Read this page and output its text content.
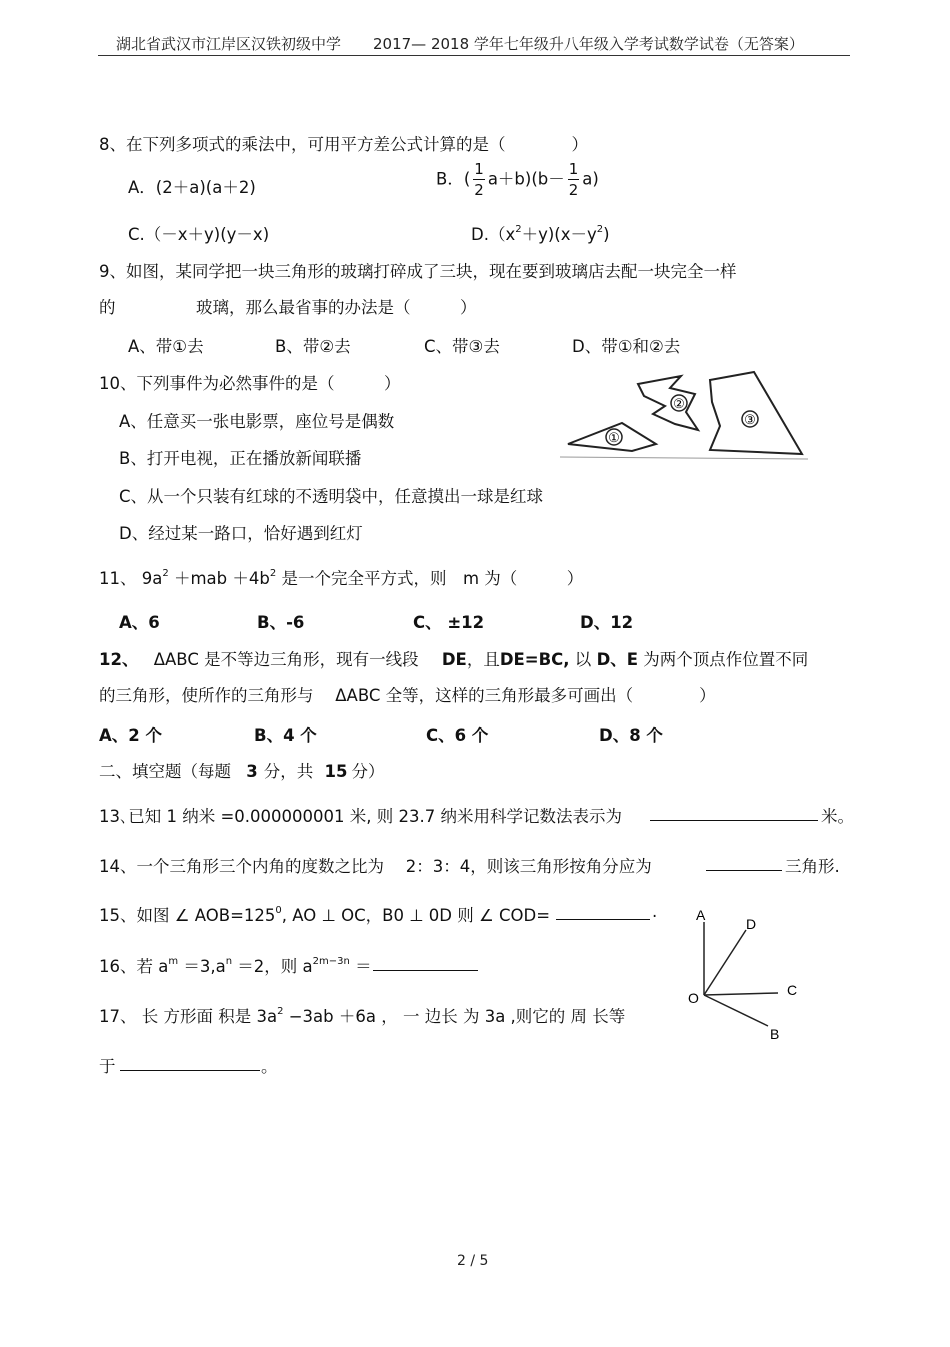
湖北省武汉市江岸区汉铁初级中学 2017— 2018 学年七年级升八年级入学考试数学试卷（无答案）
8、在下列多项式的乘法中，可用平方差公式计算的是（　　　　）
A．(2＋a)(a＋2)	B．( $\frac{1}{2} a+b)(b- \frac{1}{2} a)$
C.（－x＋y)(y－x)	$D.(x^2+y)(x-y^2)$
9、如图，某同学把一块三角形的玻璃打碎成了三块，现在要到玻璃店去配一块完全一样
的	玻璃，那么最省事的办法是（　　　）
A、带①去	B、带②去	C、带③去	D、带①和②去
10、下列事件为必然事件的是（　　　）
A、任意买一张电影票，座位号是偶数
B、打开电视，正在播放新闻联播
C、从一个只装有红球的不透明袋中，任意摸出一球是红球
D、经过某一路口，恰好遇到红灯
①
②
③
11、 $9a^2 +mab +4b^2$ 是一个完全平方式，则　m 为（　　　）
A、6	B、-6	C、 ±12	D、12
12、 ΔABC 是不等边三角形，现有一线段 DE，且DE=BC, 以 D、E 为两个顶点作位置不同
的三角形，使所作的三角形与　 ΔABC 全等，这样的三角形最多可画出（　　　　）
A、2 个	B、4 个	C、6 个	D、8 个
二、填空题（每题 3 分，共 15 分）
13､已知 1 纳米 =0.000000001 米, 则 23.7 纳米用科学记数法表示为	米。
14、一个三角形三个内角的度数之比为　 2：3：4，则该三角形按角分应为	三角形.
15、如图 ∠ $AOB=125^0$, AO ⊥ OC，B0 ⊥ 0D 则 ∠ COD=	.
16、若 $a^m =3,a^n =2$，则 $a^{2m-3n}$ ＝
17、 长 方形面 积是 $3a^2 -3ab +6a$ ， 一 边长 为 3a ,则它的 周 长等
于	。
A
D
C
O
B
2 / 5
